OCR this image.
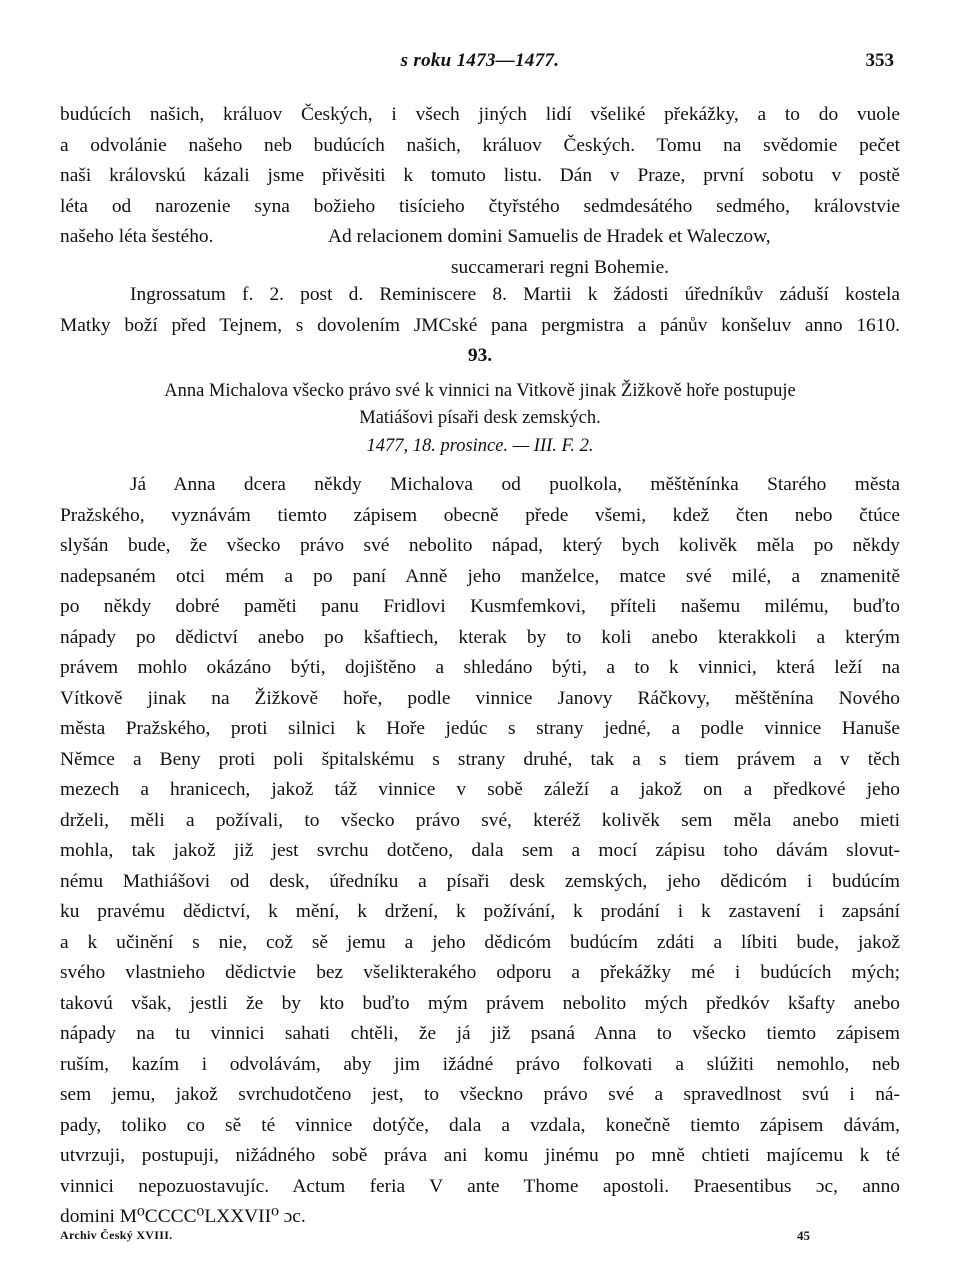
s roku 1473—1477.	353
budúcích našich, králuov Českých, i všech jiných lidí všeliké překážky, a to do vuole
a odvolánie našeho neb budúcích našich, králuov Českých. Tomu na svědomie pečet
naši královskú kázali jsme přivěsiti k tomuto listu. Dán v Praze, první sobotu v postě
léta od narozenie syna božieho tisícieho čtyřstého sedmdesátého sedmého, královstvie
našeho léta šestého.	Ad relacionem domini Samuelis de Hradek et Waleczow,
succamerari regni Bohemie.
Ingrossatum f. 2. post d. Reminiscere 8. Martii k žádosti úředníkův záduší kostela
Matky boží před Tejnem, s dovolením JMCské pana pergmistra a pánův konšeluv anno 1610.
93.
Anna Michalova všecko právo své k vinnici na Vitkově jinak Žižkově hoře postupuje
Matiášovi písaři desk zemských.
1477, 18. prosince. — III. F. 2.
Já Anna dcera někdy Michalova od puolkola, měštěnínka Starého města
Pražského, vyznávám tiemto zápisem obecně přede všemi, kdež čten nebo čtúce
slyšán bude, že všecko právo své nebolito nápad, který bych kolivěk měla po někdy
nadepsaném otci mém a po paní Anně jeho manželce, matce své milé, a znamenitě
po někdy dobré paměti panu Fridlovi Kusmfemkovi, příteli našemu milému, buďto
nápady po dědictví anebo po kšaftiech, kterak by to koli anebo kterakkoli a kterým
právem mohlo okázáno býti, dojištěno a shledáno býti, a to k vinnici, která leží na
Vítkově jinak na Žižkově hoře, podle vinnice Janovy Ráčkovy, měštěnína Nového
města Pražského, proti silnici k Hoře jedúc s strany jedné, a podle vinnice Hanuše
Němce a Beny proti poli špitalskému s strany druhé, tak a s tiem právem a v těch
mezech a hranicech, jakož táž vinnice v sobě záleží a jakož on a předkové jeho
drželi, měli a požívali, to všecko právo své, kteréž kolivěk sem měla anebo mieti
mohla, tak jakož již jest svrchu dotčeno, dala sem a mocí zápisu toho dávám slovut-
nému Mathiášovi od desk, úředníku a písaři desk zemských, jeho dědicóm i budúcím
ku pravému dědictví, k mění, k držení, k požívání, k prodání i k zastavení i zapsání
a k učinění s nie, což sě jemu a jeho dědicóm budúcím zdáti a líbiti bude, jakož
svého vlastnieho dědictvie bez všelikterakého odporu a překážky mé i budúcích mých;
takovú však, jestli že by kto buďto mým právem nebolito mých předkóv kšafty anebo
nápady na tu vinnici sahati chtěli, že já již psaná Anna to všecko tiemto zápisem
ruším, kazím i odvolávám, aby jim ižádné právo folkovati a slúžiti nemohlo, neb
sem jemu, jakož svrchudotčeno jest, to všeckno právo své a spravedlnost svú i ná-
pady, toliko co sě té vinnice dotýče, dala a vzdala, konečně tiemto zápisem dávám,
utvrzuji, postupuji, nižádného sobě práva ani komu jinému po mně chtieti majícemu k té
vinnici nepozuostavujíc. Actum feria V ante Thome apostoli. Praesentibus ɔc, anno
domini M⁰CCCC⁰LXXVII⁰ ɔc.
Archiv Český XVIII.	45
